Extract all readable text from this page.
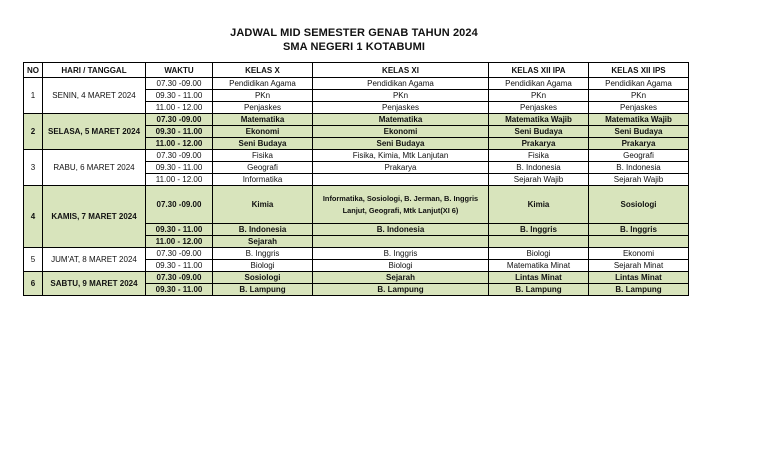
JADWAL MID SEMESTER GENAB TAHUN 2024
SMA NEGERI 1 KOTABUMI
NO	HARI / TANGGAL	WAKTU	KELAS X	KELAS XI	KELAS XII IPA	KELAS XII IPS
1	SENIN, 4 MARET 2024	07.30 -09.00	Pendidikan Agama	Pendidikan Agama	Pendidikan Agama	Pendidikan Agama
		09.30 - 11.00	PKn	PKn	PKn	PKn
		11.00 - 12.00	Penjaskes	Penjaskes	Penjaskes	Penjaskes
2	SELASA, 5 MARET 2024	07.30 -09.00	Matematika	Matematika	Matematika Wajib	Matematika Wajib
		09.30 - 11.00	Ekonomi	Ekonomi	Seni Budaya	Seni Budaya
		11.00 - 12.00	Seni Budaya	Seni Budaya	Prakarya	Prakarya
3	RABU, 6 MARET 2024	07.30 -09.00	Fisika	Fisika, Kimia, Mtk Lanjutan	Fisika	Geografi
		09.30 - 11.00	Geografi	Prakarya	B. Indonesia	B. Indonesia
		11.00 - 12.00	Informatika		Sejarah Wajib	Sejarah Wajib
4	KAMIS, 7 MARET 2024	07.30 -09.00	Kimia	Informatika, Sosiologi, B. Jerman, B. Inggris Lanjut, Geografi, Mtk Lanjut(XI 6)	Kimia	Sosiologi
		09.30 - 11.00	B. Indonesia	B. Indonesia	B. Inggris	B. Inggris
		11.00 - 12.00	Sejarah			
5	JUM'AT, 8 MARET 2024	07.30 -09.00	B. Inggris	B. Inggris	Biologi	Ekonomi
		09.30 - 11.00	Biologi	Biologi	Matematika Minat	Sejarah Minat
6	SABTU, 9 MARET 2024	07.30 -09.00	Sosiologi	Sejarah	Lintas Minat	Lintas Minat
		09.30 - 11.00	B. Lampung	B. Lampung	B. Lampung	B. Lampung
